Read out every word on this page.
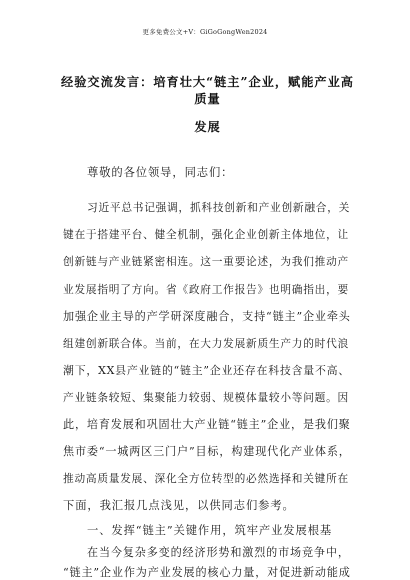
更多免费公文+V：GiGoGongWen2024
经验交流发言：培育壮大“链主”企业，赋能产业高质量
发展
尊敬的各位领导，同志们：
习近平总书记强调，抓科技创新和产业创新融合，关
键在于搭建平台、健全机制，强化企业创新主体地位，让
创新链与产业链紧密相连。这一重要论述，为我们推动产
业发展指明了方向。省《政府工作报告》也明确指出，要
加强企业主导的产学研深度融合，支持“链主”企业牵头
组建创新联合体。当前，在大力发展新质生产力的时代浪
潮下，XX县产业链的“链主”企业还存在科技含量不高、
产业链条较短、集聚能力较弱、规模体量较小等问题。因
此，培育发展和巩固壮大产业链“链主”企业，是我们聚
焦市委“一城两区三门户”目标，构建现代化产业体系，
推动高质量发展、深化全方位转型的必然选择和关键所在
下面，我汇报几点浅见，以供同志们参考。
一、发挥“链主”关键作用，筑牢产业发展根基
在当今复杂多变的经济形势和激烈的市场竞争中，
“链主”企业作为产业发展的核心力量，对促进新动能成
